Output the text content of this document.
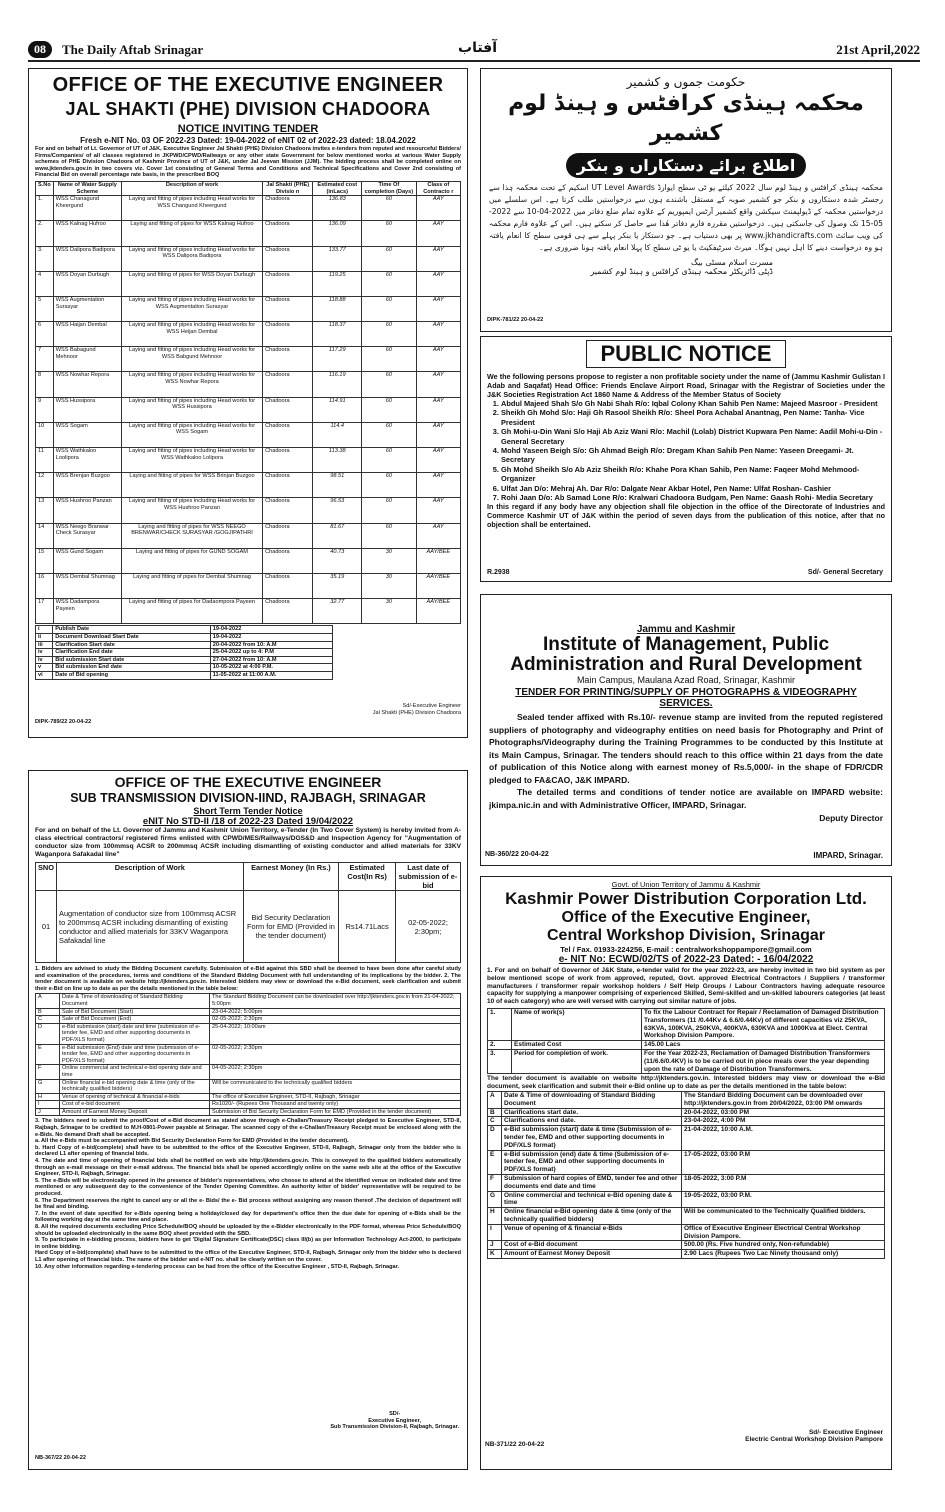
08	The Daily Aftab Srinagar	آفتاب	21st April,2022
OFFICE OF THE EXECUTIVE ENGINEER
JAL SHAKTI (PHE) DIVISION CHADOORA
NOTICE INVITING TENDER
Fresh e-NIT No. 03 OF 2022-23 Dated: 19-04-2022 of eNIT 02 of 2022-23 dated: 18.04.2022
For and on behalf of Lt. Governor of UT of J&K, Executive Engineer Jal Shakti (PHE) Division Chadoora invites e-tenders from reputed and resourceful Bidders/ Firms/Companies/ of all classes registered in JKPWD/CPWD/Railways or any other state Government for below mentioned works at various Water Supply schemes of PHE Division Chadoora of Kashmir Province of UT of J&K, under Jal Jeevan Mission (JJM). The bidding process shall be completed online on www.jktenders.gov.in in two covers viz. Cover 1st consisting of General Terms and Conditions and Technical Specifications and Cover 2nd consisting of Financial Bid on overall percentage rate basis, in the prescribed BOQ
S.No	Name of Water Supply Scheme	Description of work	Jal Shakti (PHE) Divisio n	Estimated cost (inLacs)	Time Of completion (Days)	Class of Contracto r
1.	WSS Chanagund Kheergund	Laying and fitting of pipes including Head works for WSS Changund Kheergund	Chadoora	136.83	60	AAY
2.	WSS Kalnag Hufroo	Laying and fitting of pipes for WSS Kalnag Hufroo	Chadoora	136.09	60	AAY
3.	WSS Dalipora Badipora	Laying and fitting of pipes including Head works for WSS Dalipora Badipora	Chadoora	133.77	60	AAY
4	WSS Doyan Durbugh	Laying and fitting of pipes for WSS Doyan Durbugh	Chadoora	119.25	60	AAY
5	WSS Augmentation Surasyar	Laying and fitting of pipes including Head works for WSS Augmentation Surasyar	Chadoora	118.88	60	AAY
6	WSS Haijan Dembal	Laying and fitting of pipes including Head works for WSS Heijan Dembal	Chadoora	118.37	60	AAY
7	WSS Babagund Mehnoor	Laying and fitting of pipes including Head works for WSS Babgund Mehnoor	Chadoora	117.29	60	AAY
8	WSS Nowhar Repora	Laying and fitting of pipes including Head works for WSS Nowhar Repora	Chadoora	116.19	60	AAY
9	WSS Hussipora	Laying and fitting of pipes including Head works for WSS Hussipora	Chadoora	114.91	60	AAY
10	WSS Sogam	Laying and fitting of pipes including Head works for WSS Sogam	Chadoora	114.4	60	AAY
11	WSS Wathkaloo Loolipora	Laying and fitting of pipes including Head works for WSS Wathkaloo Lolipora	Chadoora	113.38	60	AAY
12	WSS Brenjan Buzgoo	Laying and fitting of pipes for WSS Brinjan Buzgoo	Chadoora	98.51	60	AAY
13	WSS Hushroo Panzan	Laying and fitting of pipes including Head works for WSS Hushroo Panzan	Chadoora	96.53	60	AAY
14	WSS Neego Branwar Check Surasyar	Laying and fitting of pipes for WSS NEEGO BRENWAR/CHECK SURASYAR /GOGJIPATHRI	Chadoora	81.67	60	AAY
15	WSS Gund Sogam	Laying and fitting of pipes for GUND SOGAM	Chadoora	40.73	30	AAY/BEE
16	WSS Dembal Shumnag	Laying and fitting of pipes for Dembal Shumnag	Chadoora	35.19	30	AAY/BEE
17	WSS Dadampora Payeen	Laying and fitting of pipes for Dadaompora Payeen	Chadoora	32.77	30	AAY/BEE
i	Publish Date	19-04-2022
ii	Document Download Start Date	19-04-2022
iii	Clarification Start date	20-04-2022 from 10: A.M
iv	Clarification End date	25-04-2022 up to 4: P.M
iv	Bid submission Start date	27-04-2022 from 10: A.M
v	Bid submission End date	10-05-2022 at 4:00 P.M.
vi	Date of Bid opening	11-05-2022 at 11:00 A.M.
Sd/-Executive Engineer
Jal Shakti (PHE) Division Chadoora
DIPK-789/22 20-04-22
حکومت جموں و کشمیر
محکمہ ہینڈی کرافٹس و ہینڈ لوم کشمیر
اطلاع برائے دستکاراں و بنکر
محکمہ ہینڈی کرافٹس و ہینڈ لوم سال 2022 کیلئے یو ٹی سطح ایوارڈ UT Level Awards اسکیم کے تحت محکمہ ہٰذا سے رجسٹر شدہ دستکاروں و بنکر جو کشمیر صوبہ کے مستقل باشندے ہوں سے درخواستیں طلب کرتا ہے۔ اس سلسلے میں درخواستیں محکمہ کے ڈیولپمنٹ سیکشن واقع کشمیر آرٹس ایمپوریم کے علاوہ تمام ضلع دفاتر میں 2022-04-10 سے 2022-05-15 تک وصول کی جاسکتی ہیں۔ درخواستیں مقررہ فارم دفاتر ھٰذا سے حاصل کر سکتے ہیں۔ اس کے علاوہ فارم محکمہ کی ویب سائٹ www.jkhandicrafts.com پر بھی دستیاب ہے۔ جو دستکار یا بنکر پہلے سے ہی قومی سطح کا انعام یافتہ ہو وہ درخواست دینے کا اہل نہیں ہوگا۔ میرٹ سرٹیفکیٹ یا یو ٹی سطح کا پہلا انعام یافتہ ہونا ضروری ہے۔
مسرت اسلام مسٹی بیگ
ڈپٹی ڈائریکٹر محکمہ ہینڈی کرافٹس و ہینڈ لوم کشمیر
DIPK-781/22 20-04-22
PUBLIC NOTICE
We the following persons propose to register a non profitable society under the name of (Jammu Kashmir Gulistan I Adab and Saqafat) Head Office: Friends Enclave Airport Road, Srinagar with the Registrar of Societies under the J&K Societies Registration Act 1860 Name & Address of the Member Status of Society
1. Abdul Majeed Shah S/o Gh Nabi Shah R/o: Iqbal Colony Khan Sahib Pen Name: Majeed Masroor - President
2. Sheikh Gh Mohd S/o: Haji Gh Rasool Sheikh R/o: Sheel Pora Achabal Anantnag, Pen Name: Tanha- Vice President
3. Gh Mohi-u-Din Wani S/o Haji Ab Aziz Wani R/o: Machil (Lolab) District Kupwara Pen Name: Aadil Mohi-u-Din - General Secretary
4. Mohd Yaseen Beigh S/o: Gh Ahmad Beigh R/o: Dregam Khan Sahib Pen Name: Yaseen Dreegami- Jt. Secretary
5. Gh Mohd Sheikh S/o Ab Aziz Sheikh R/o: Khahe Pora Khan Sahib, Pen Name: Faqeer Mohd Mehmood- Organizer
6. Ulfat Jan D/o: Mehraj Ah. Dar R/o: Dalgate Near Akbar Hotel, Pen Name: Ulfat Roshan- Cashier
7. Rohi Jaan D/o: Ab Samad Lone R/o: Kralwari Chadoora Budgam, Pen Name: Gaash Rohi- Media Secretary
In this regard if any body have any objection shall file objection in the office of the Directorate of Industries and Commerce Kashmir UT of J&K within the period of seven days from the publication of this notice, after that no objection shall be entertained.
R.2938	Sd/- General Secretary
Jammu and Kashmir
Institute of Management, Public Administration and Rural Development
Main Campus, Maulana Azad Road, Srinagar, Kashmir
TENDER FOR PRINTING/SUPPLY OF PHOTOGRAPHS & VIDEOGRAPHY SERVICES.
Sealed tender affixed with Rs.10/- revenue stamp are invited from the reputed registered suppliers of photography and videography entities on need basis for Photography and Print of Photographs/Videography during the Training Programmes to be conducted by this Institute at its Main Campus, Srinagar. The tenders should reach to this office within 21 days from the date of publication of this Notice along with earnest money of Rs.5,000/- in the shape of FDR/CDR pledged to FA&CAO, J&K IMPARD.
The detailed terms and conditions of tender notice are available on IMPARD website: jkimpa.nic.in and with Administrative Officer, IMPARD, Srinagar.
Deputy Director
IMPARD, Srinagar.
NB-360/22 20-04-22
OFFICE OF THE EXECUTIVE ENGINEER
SUB TRANSMISSION DIVISION-IIND, RAJBAGH, SRINAGAR
Short Term Tender Notice
eNIT No STD-II /18 of 2022-23 Dated 19/04/2022
For and on behalf of the Lt. Governor of Jammu and Kashmir Union Territory, e-Tender (In Two Cover System) is hereby invited from A-class electrical contractors/ registered firms enlisted with CPWD/MES/Railways/DGS&D and Inspection Agency for "Augmentation of conductor size from 100mmsq ACSR to 200mmsq ACSR including dismantling of existing conductor and allied materials for 33KV Waganpora Safakadal line"
SNO	Description of Work	Earnest Money (In Rs.)	Estimated Cost(In Rs)	Last date of submission of e-bid
01	Augmentation of conductor size from 100mmsq ACSR to 200mmsq ACSR including dismantling of existing conductor and allied materials for 33KV Waganpora Safakadal line	Bid Security Declaration Form for EMD (Provided in the tender document)	Rs14.71Lacs	02-05-2022; 2:30pm;
1. Bidders are advised to study the Bidding Document carefully. Submission of e-Bid against this SBD shall be deemed to have been done after careful study and examination of the procedures, terms and conditions of the Standard Bidding Document with full understanding of its implications by the bidder. 2. The tender document is available on website http://jktenders.gov.in. Interested bidders may view or download the e-Bid document, seek clarification and submit their e-Bid on line up to date as per the details mentioned in the table below:
A	Date & Time of downloading of Standard Bidding Document	The Standard Bidding Document can be downloaded over http://jktenders.gov.in from 21-04-2022; 5:00pm
B	Sale of Bid Document (Start)	23-04-2022; 5:00pm
C	Sale of Bid Document (End)	02-05-2022; 2:30pm
D	e-Bid submission (start) date and time (submission of e-tender fee, EMD and other supporting documents in PDF/XLS format)	25-04-2022; 10:00am
E	e-Bid submission (End) date and time (submission of e-tender fee, EMD and other supporting documents in PDF/XLS format)	02-05-2022; 2:30pm
F	Online commercial and technical e-bid opening date and time	04-05-2022; 2:30pm
G	Online financial e-bid opening date & time (only of the technically qualified bidders)	Will be communicated to the technically qualified bidders
H	Venue of opening of technical & financial e-bids	The office of Executive Engineer, STD-II, Rajbagh, Srinagar
I	Cost of e-bid document	Rs1020/- (Rupees One Thousand and twenty only)
J	Amount of Earnest Money Deposit	Submission of Bid Security Declaration Form for EMD (Provided in the tender document)
3. The bidders need to submit the proof/Cost of e-Bid document as stated above through e-Challan/Treasury Receipt pledged to Executive Engineer, STD-II, Rajbagh, Srinagar to be credited to M.H-0801-Power payable at Srinagar. The scanned copy of the e-Challan/Treasury Receipt must be enclosed along with the e-Bids. No demand Draft shall be accepted.
a. All the e-Bids must be accompanied with Bid Security Declaration Form for EMD (Provided in the tender document).
b. Hard Copy of e-bid(complete) shall have to be submitted to the office of the Executive Engineer, STD-II, Rajbagh, Srinagar only from the bidder who is declared L1 after opening of financial bids.
4. The date and time of opening of financial bids shall be notified on web site http://jktenders.gov.in. This is conveyed to the qualified bidders automatically through an e-mail message on their e-mail address. The financial bids shall be opened accordingly online on the same web site at the office of the Executive Engineer, STD-II, Rajbagh, Srinagar.
5. The e-Bids will be electronically opened in the presence of bidder's representatives, who choose to attend at the identified venue on indicated date and time mentioned or any subsequent day to the convenience of the Tender Opening Committee. An authority letter of bidder' representative will be required to be produced.
6. The Department reserves the right to cancel any or all the e- Bids/ the e- Bid process without assigning any reason thereof .The decision of department will be final and binding.
7. In the event of date specified for e-Bids opening being a holiday/closed day for department's office then the due date for opening of e-Bids shall be the following working day at the same time and place.
8. All the required documents excluding Price Schedule/BOQ should be uploaded by the e-Bidder electronically in the PDF format, whereas Price Schedule/BOQ should be uploaded electronically in the same BOQ sheet provided with the SBD.
9. To participate in e-bidding process, bidders have to get 'Digital Signature Certificate(DSC) class III(b) as per Information Technology Act-2000, to participate in online bidding.
Hard Copy of e-bid(complete) shall have to be submitted to the office of the Executive Engineer, STD-II, Rajbagh, Srinagar only from the bidder who is declared L1 after opening of financial bids. The name of the bidder and e-NIT no. shall be clearly written on the cover.
10. Any other information regarding e-tendering process can be had from the office of the Executive Engineer , STD-II, Rajbagh, Srinagar.
SD/-
Executive Engineer,
Sub Transmission Division-II, Rajbagh, Srinagar.
NB-367/22 20-04-22
Govt. of Union Territory of Jammu & Kashmir
Kashmir Power Distribution Corporation Ltd.
Office of the Executive Engineer,
Central Workshop Division, Srinagar
Tel / Fax. 01933-224256, E-mail : centralworkshoppampore@gmail.com
e- NIT No: ECWD/02/TS of 2022-23 Dated: - 16/04/2022
1. For and on behalf of Governor of J&K State, e-tender valid for the year 2022-23, are hereby invited in two bid system as per below mentioned scope of work from approved, reputed, Govt. approved Electrical Contractors / Suppliers / transformer manufacturers / transformer repair workshop holders / Self Help Groups / Labour Contractors having adequate resource capacity for supplying a manpower comprising of experienced Skilled, Semi-skilled and un-skilled labourers categories (at least 10 of each category) who are well versed with carrying out similar nature of jobs.
1.	Name of work(s)	To fix the Labour Contract for Repair / Reclamation of Damaged Distribution Transformers (11 /0.44Kv & 6.6/0.44Kv) of different capacities viz 25KVA, 63KVA, 100KVA, 250KVA, 400KVA, 630KVA and 1000Kva at Elect. Central Workshop Division Pampore.
2.	Estimated Cost	145.00 Lacs
3.	Period for completion of work.	For the Year 2022-23, Reclamation of Damaged Distribution Transformers (11/6.6/0.4KV) is to be carried out in piece meals over the year depending upon the rate of Damage of Distribution Transformers.
The tender document is available on website http://jktenders.gov.in. Interested bidders may view or download the e-Bid document, seek clarification and submit their e-Bid online up to date as per the details mentioned in the table below:
A	Date & Time of downloading of Standard Bidding Document	The Standard Bidding Document can be downloaded over http://jktenders.gov.in from 20/04/2022, 03:00 PM onwards
B	Clarifications start date.	20-04-2022, 03:00 PM
C	Clarifications end date.	23-04-2022, 4:00 PM
D	e-Bid submission (start) date & time (Submission of e-tender fee, EMD and other supporting documents in PDF/XLS format)	21-04-2022, 10:00 A.M.
E	e-Bid submission (end) date & time (Submission of e-tender fee, EMD and other supporting documents in PDF/XLS format)	17-05-2022, 03:00 P.M
F	Submission of hard copies of EMD, tender fee and other documents end date and time	18-05-2022, 3:00 P.M
G	Online commercial and technical e-Bid opening date & time	19-05-2022, 03:00 P.M.
H	Online financial e-Bid opening date & time (only of the technically qualified bidders)	Will be communicated to the Technically Qualified bidders.
I	Venue of opening of & financial e-Bids	Office of Executive Engineer Electrical Central Workshop Division Pampore.
J	Cost of e-Bid document	500.00 (Rs. Five hundred only, Non-refundable)
K	Amount of Earnest Money Deposit	2.90 Lacs (Rupees Two Lac Ninety thousand only)
Sd/- Executive Engineer
Electric Central Workshop Division Pampore
NB-371/22 20-04-22
